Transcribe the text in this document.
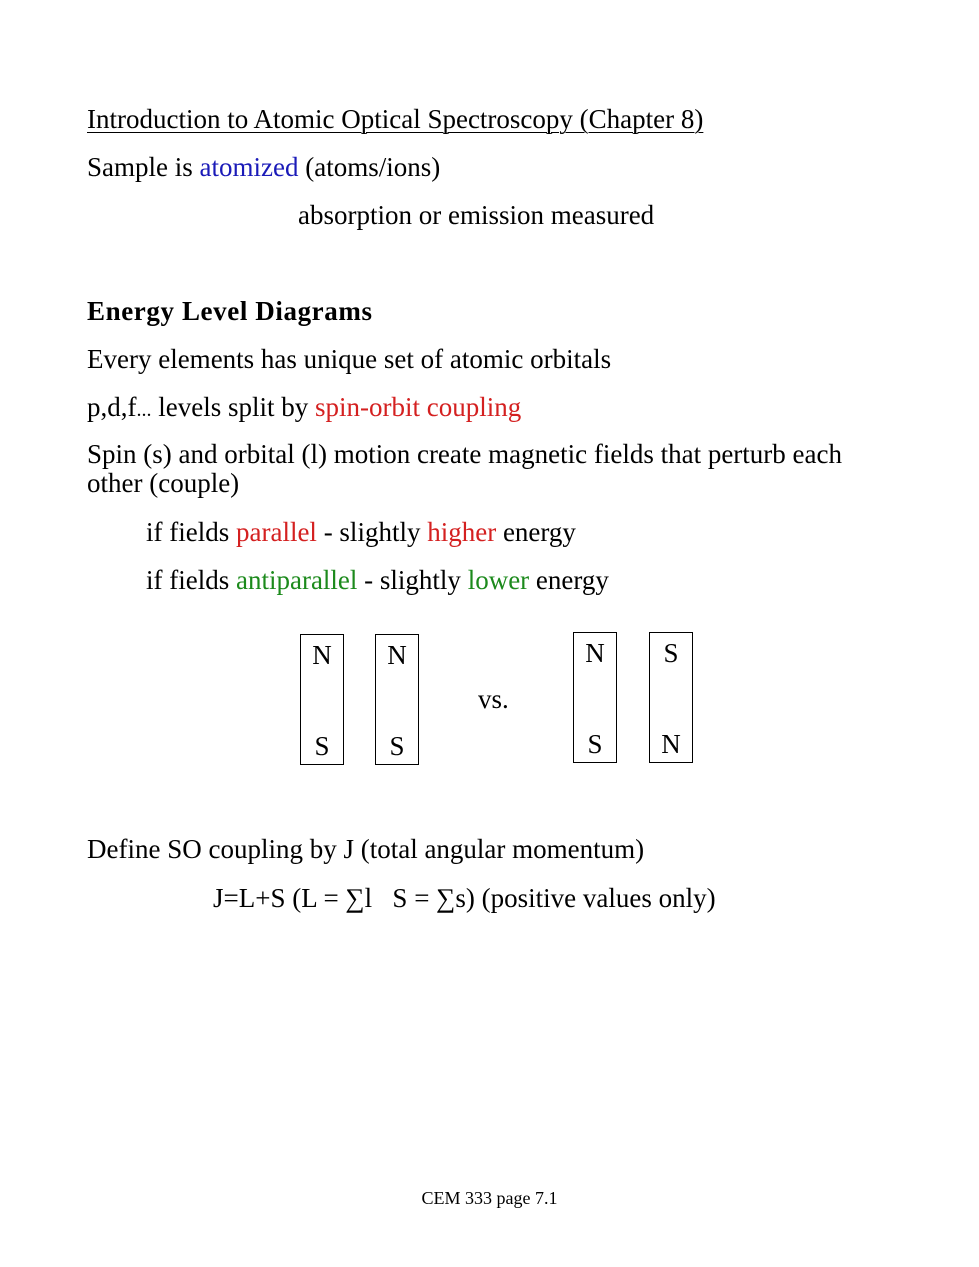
Introduction to Atomic Optical Spectroscopy (Chapter 8)
Sample is atomized (atoms/ions)
absorption or emission measured
Energy Level Diagrams
Every elements has unique set of atomic orbitals
p,d,f... levels split by spin-orbit coupling
Spin (s) and orbital (l) motion create magnetic fields that perturb each other (couple)
if fields parallel - slightly higher energy
if fields antiparallel - slightly lower energy
N
S
N
S
vs.
N
S
S
N
Define SO coupling by J (total angular momentum)
J=L+S (L = ∑l   S = ∑s) (positive values only)
CEM 333 page 7.1
